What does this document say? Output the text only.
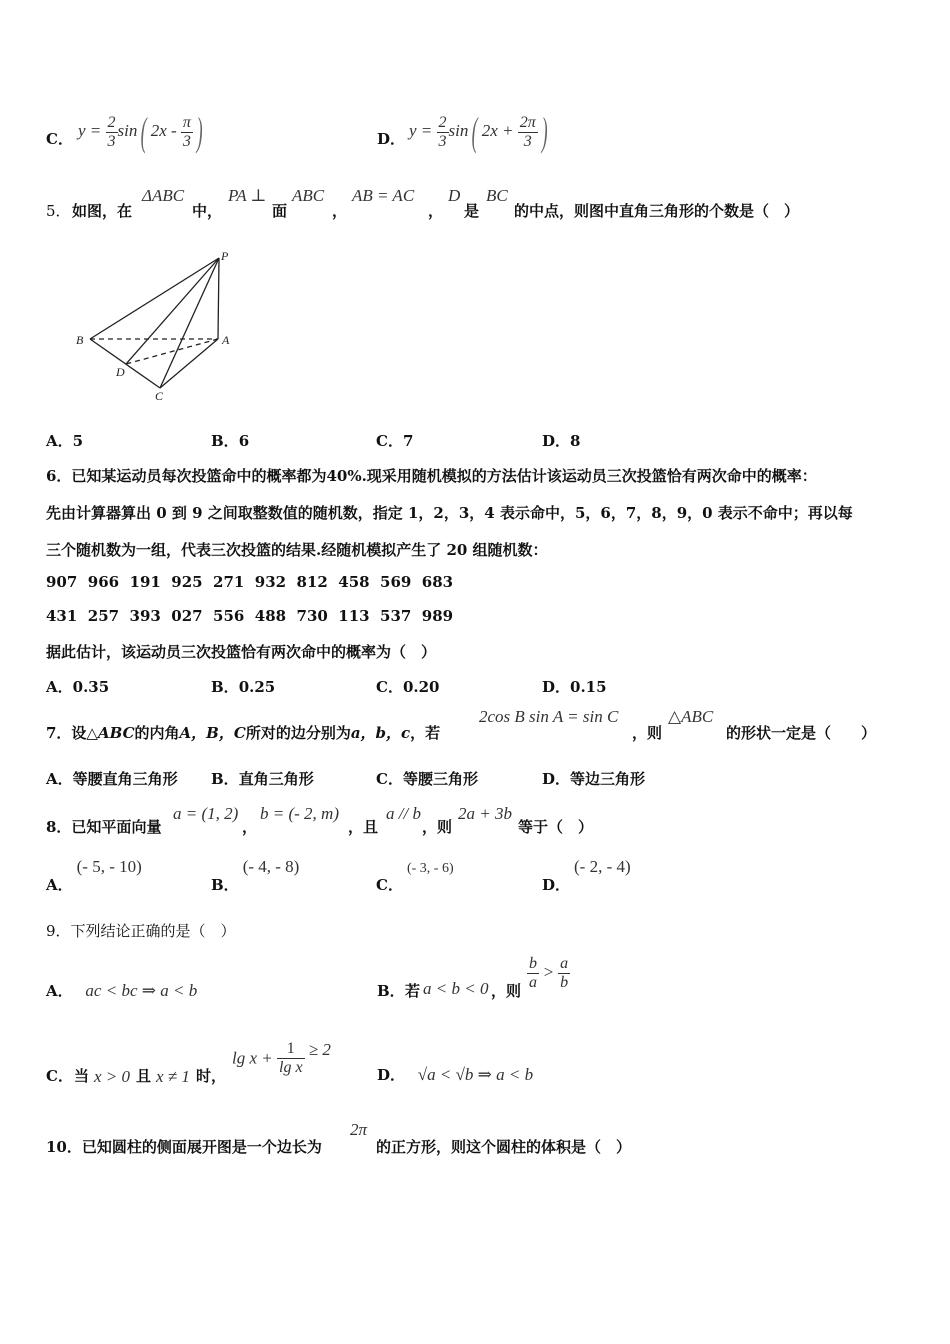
C． $y = \frac{2}{3} \sin$( $2x - \frac{\pi}{3}$ )	D． $y = \frac{2}{3} \sin$( $2x + \frac{2\pi}{3}$ )
5． 如图，在
ΔABC
中，
PA ⊥
面
ABC
，
AB = AC
，
D
是
BC
的中点，则图中直角三角形的个数是（　）
P
B	A
D
C
A．5	B．6	C．7	D．8
6．已知某运动员每次投篮命中的概率都为40%.现采用随机模拟的方法估计该运动员三次投篮恰有两次命中的概率：
先由计算器算出 0 到 9 之间取整数值的随机数，指定 1，2，3，4 表示命中，5，6，7，8，9，0 表示不命中；再以每
三个随机数为一组，代表三次投篮的结果.经随机模拟产生了 20 组随机数：
907  966  191  925  271  932  812  458  569  683
431  257  393  027  556  488  730  113  537  989
据此估计，该运动员三次投篮恰有两次命中的概率为（　）
A．0.35	B．0.25	C．0.20	D．0.15
7．设△ABC的内角A，B，C所对的边分别为a，b，c，若
2cos B sin A = sin C
，则
△ABC
的形状一定是（　　）
A．等腰直角三角形 B．直角三角形	C．等腰三角形	D．等边三角形
8．已知平面向量
a = (1, 2)
，
b = (- 2, m)
，且
a // b
，则
2a + 3b
等于（　）
A．(- 5, - 10)
B．(- 4, - 8)
C．(- 3, - 6)
D．(- 2, - 4)
9．下列结论正确的是（　）
A． ac < bc ⇒ a < b	B． 若 a < b < 0 ，则 $\frac{b}{a} > \frac{a}{b}$
C． 当 x > 0 且 x ≠ 1 时，
$\lg x + \frac{1}{\text{lg x}} \ge 2$
D． √a < √b ⇒ a < b
10．已知圆柱的侧面展开图是一个边长为
2π
的正方形，则这个圆柱的体积是（　）
